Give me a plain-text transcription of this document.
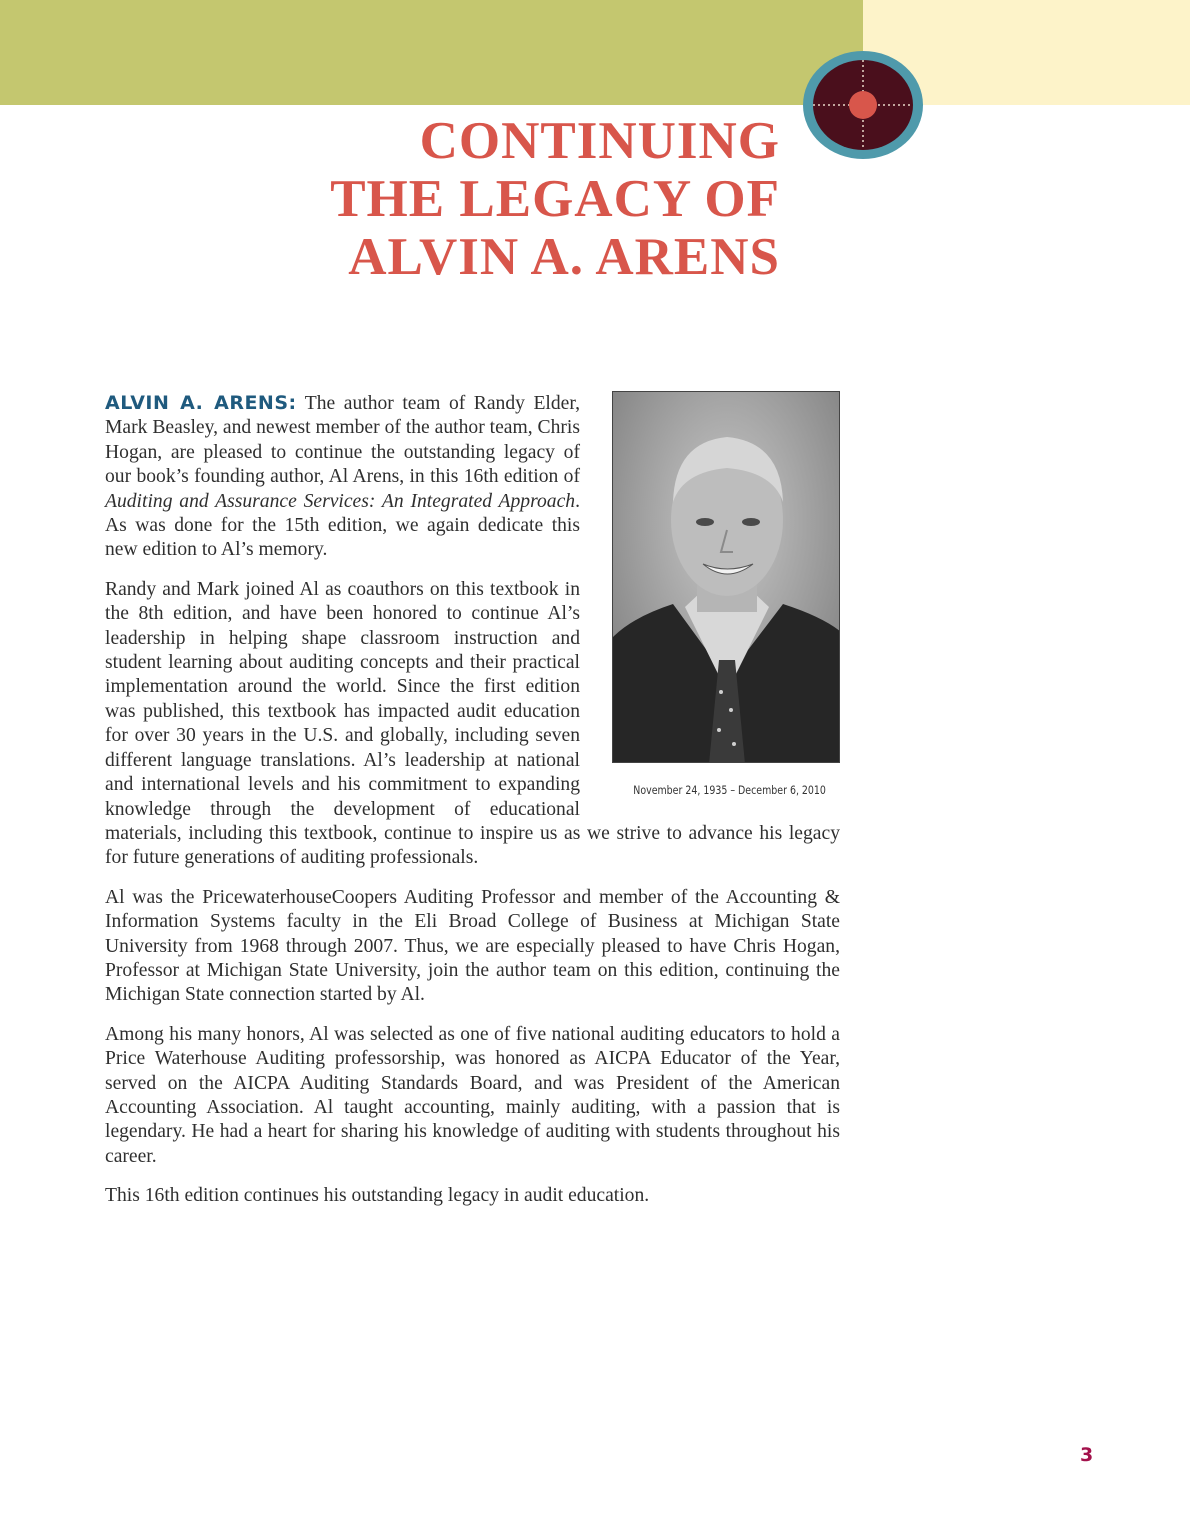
CONTINUING
THE LEGACY OF
ALVIN A. ARENS
November 24, 1935 – December 6, 2010

ALVIN A. ARENS: The author team of Randy Elder, Mark Beasley, and newest member of the author team, Chris Hogan, are pleased to continue the outstanding legacy of our book’s founding author, Al Arens, in this 16th edition of Auditing and Assurance Services: An Integrated Approach. As was done for the 15th edition, we again dedicate this new edition to Al’s memory.

Randy and Mark joined Al as coauthors on this textbook in the 8th edition, and have been honored to continue Al’s leadership in helping shape classroom instruction and student learning about auditing concepts and their practical implementation around the world. Since the first edition was published, this textbook has impacted audit education for over 30 years in the U.S. and globally, including seven different language translations. Al’s leadership at national and international levels and his commitment to expanding knowledge through the development of educational materials, including this textbook, continue to inspire us as we strive to advance his legacy for future generations of auditing professionals.

Al was the PricewaterhouseCoopers Auditing Professor and member of the Accounting & Information Systems faculty in the Eli Broad College of Business at Michigan State University from 1968 through 2007. Thus, we are especially pleased to have Chris Hogan, Professor at Michigan State University, join the author team on this edition, continuing the Michigan State connection started by Al.

Among his many honors, Al was selected as one of five national auditing educators to hold a Price Waterhouse Auditing professorship, was honored as AICPA Educator of the Year, served on the AICPA Auditing Standards Board, and was President of the American Accounting Association. Al taught accounting, mainly auditing, with a passion that is legendary. He had a heart for sharing his knowledge of auditing with students throughout his career.

This 16th edition continues his outstanding legacy in audit education.

3
